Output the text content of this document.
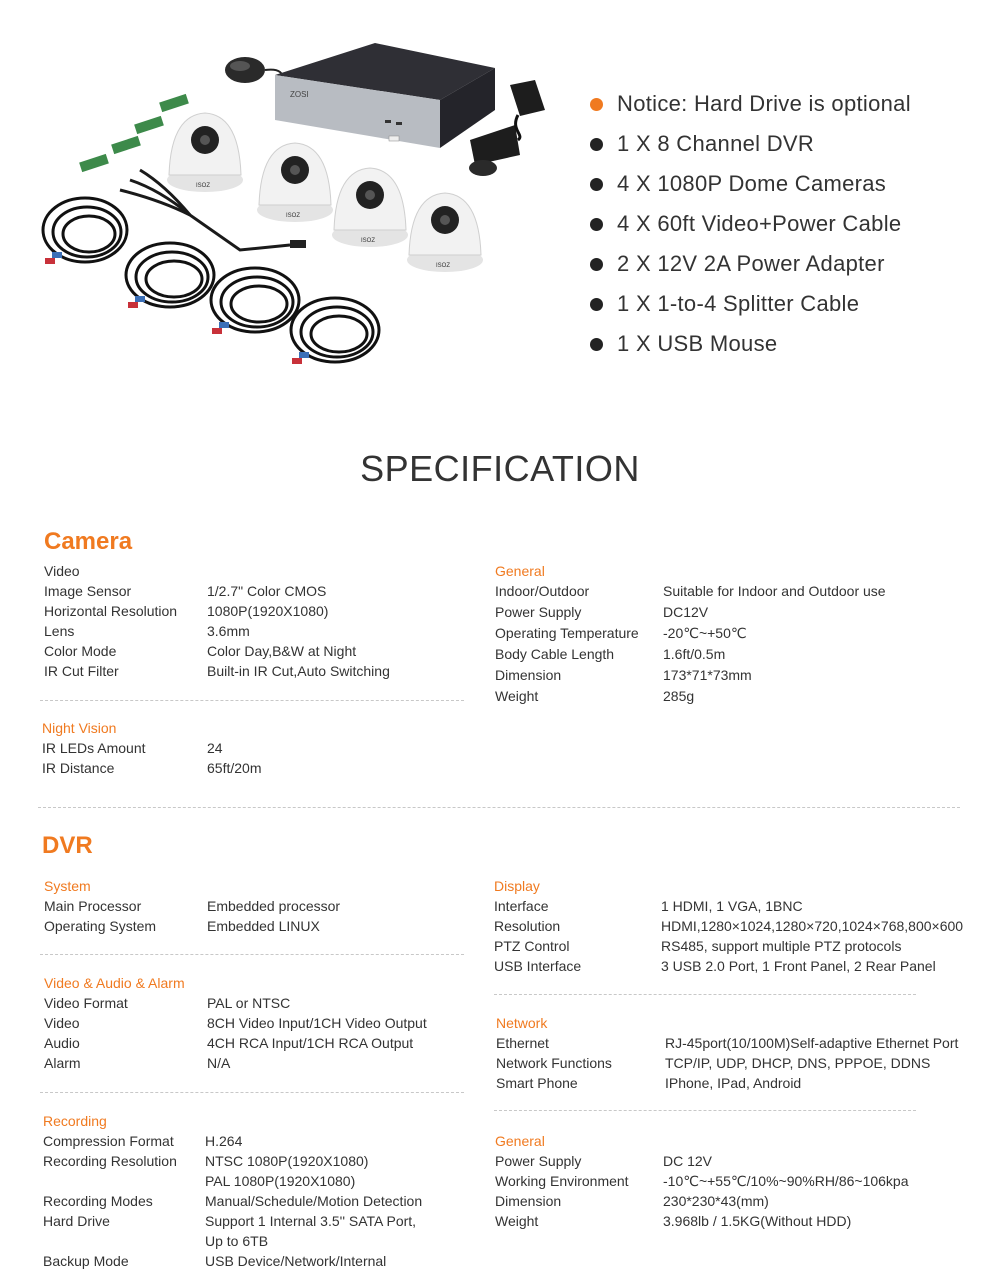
ZOSI
ISOZ
ISOZ
ISOZ
ISOZ
Notice: Hard Drive is optional
1 X 8 Channel DVR
4 X 1080P Dome Cameras
4 X 60ft Video+Power Cable
2 X 12V 2A Power Adapter
1 X 1-to-4 Splitter Cable
1 X USB Mouse
SPECIFICATION
Camera
Video
Image Sensor	1/2.7" Color CMOS
Horizontal Resolution	1080P(1920X1080)
Lens	3.6mm
Color Mode	Color Day,B&W at Night
IR Cut Filter	Built-in IR Cut,Auto Switching
Night Vision
IR LEDs Amount	24
IR Distance	65ft/20m
General
Indoor/Outdoor	Suitable for Indoor and Outdoor use
Power Supply	DC12V
Operating Temperature	-20℃~+50℃
Body Cable Length	1.6ft/0.5m
Dimension	173*71*73mm
Weight	285g
DVR
System
Main Processor	Embedded processor
Operating System	Embedded LINUX
Video & Audio & Alarm
Video Format	PAL or NTSC
Video	8CH Video Input/1CH Video Output
Audio	4CH RCA Input/1CH RCA Output
Alarm	N/A
Recording
Compression Format	H.264
Recording Resolution	NTSC 1080P(1920X1080)
PAL 1080P(1920X1080)
Recording Modes	Manual/Schedule/Motion Detection
Hard Drive	Support 1 Internal 3.5'' SATA Port,
Up to 6TB
Backup Mode	USB Device/Network/Internal
Display
Interface	1 HDMI, 1 VGA, 1BNC
Resolution	HDMI,1280×1024,1280×720,1024×768,800×600
PTZ Control	RS485, support multiple PTZ protocols
USB Interface	3 USB 2.0 Port, 1 Front Panel, 2 Rear Panel
Network
Ethernet	RJ-45port(10/100M)Self-adaptive Ethernet Port
Network Functions	TCP/IP, UDP, DHCP, DNS, PPPOE, DDNS
Smart Phone	IPhone, IPad, Android
General
Power Supply	DC 12V
Working Environment	-10℃~+55℃/10%~90%RH/86~106kpa
Dimension	230*230*43(mm)
Weight	3.968lb / 1.5KG(Without HDD)
